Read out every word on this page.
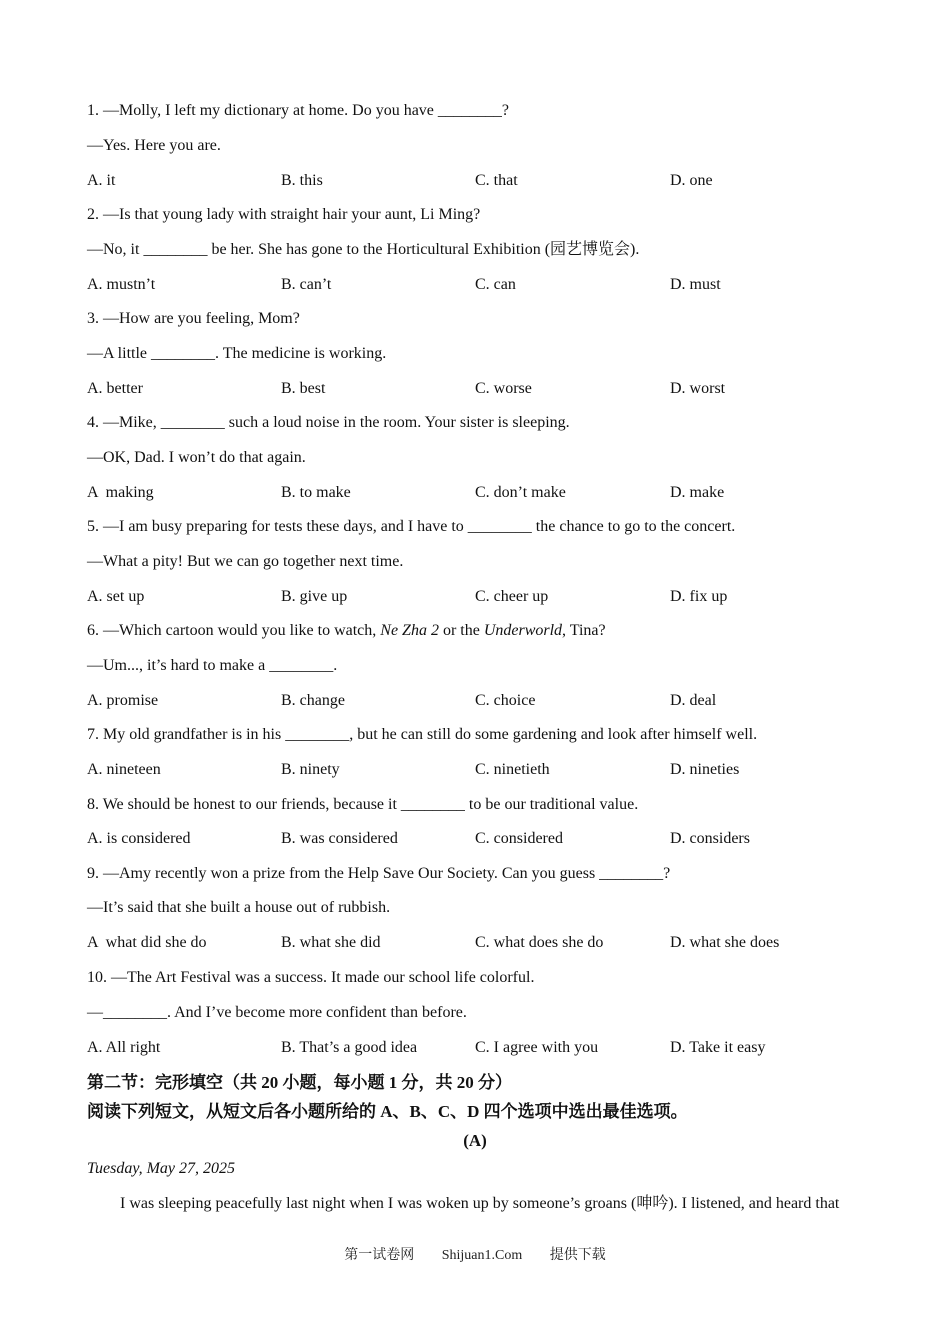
1. —Molly, I left my dictionary at home. Do you have ________?
—Yes. Here you are.
A. it	B. this	C. that	D. one
2. —Is that young lady with straight hair your aunt, Li Ming?
—No, it ________ be her. She has gone to the Horticultural Exhibition (园艺博览会).
A. mustn’t	B. can’t	C. can	D. must
3. —How are you feeling, Mom?
—A little ________. The medicine is working.
A. better	B. best	C. worse	D. worst
4. —Mike, ________ such a loud noise in the room. Your sister is sleeping.
—OK, Dad. I won’t do that again.
A  making	B. to make	C. don’t make	D. make
5. —I am busy preparing for tests these days, and I have to ________ the chance to go to the concert.
—What a pity! But we can go together next time.
A. set up	B. give up	C. cheer up	D. fix up
6. —Which cartoon would you like to watch, Ne Zha 2 or the Underworld, Tina?
—Um..., it’s hard to make a ________.
A. promise	B. change	C. choice	D. deal
7. My old grandfather is in his ________, but he can still do some gardening and look after himself well.
A. nineteen	B. ninety	C. ninetieth	D. nineties
8. We should be honest to our friends, because it ________ to be our traditional value.
A. is considered	B. was considered	C. considered	D. considers
9. —Amy recently won a prize from the Help Save Our Society. Can you guess ________?
—It’s said that she built a house out of rubbish.
A  what did she do	B. what she did	C. what does she do	D. what she does
10. —The Art Festival was a success. It made our school life colorful.
—________. And I’ve become more confident than before.
A. All right	B. That’s a good idea	C. I agree with you	D. Take it easy
第二节：完形填空（共 20 小题，每小题 1 分，共 20 分）
阅读下列短文，从短文后各小题所给的 A、B、C、D 四个选项中选出最佳选项。
(A)
Tuesday, May 27, 2025
I was sleeping peacefully last night when I was woken up by someone’s groans (呻吟). I listened, and heard that
第一试卷网 Shijuan1.Com 提供下载
